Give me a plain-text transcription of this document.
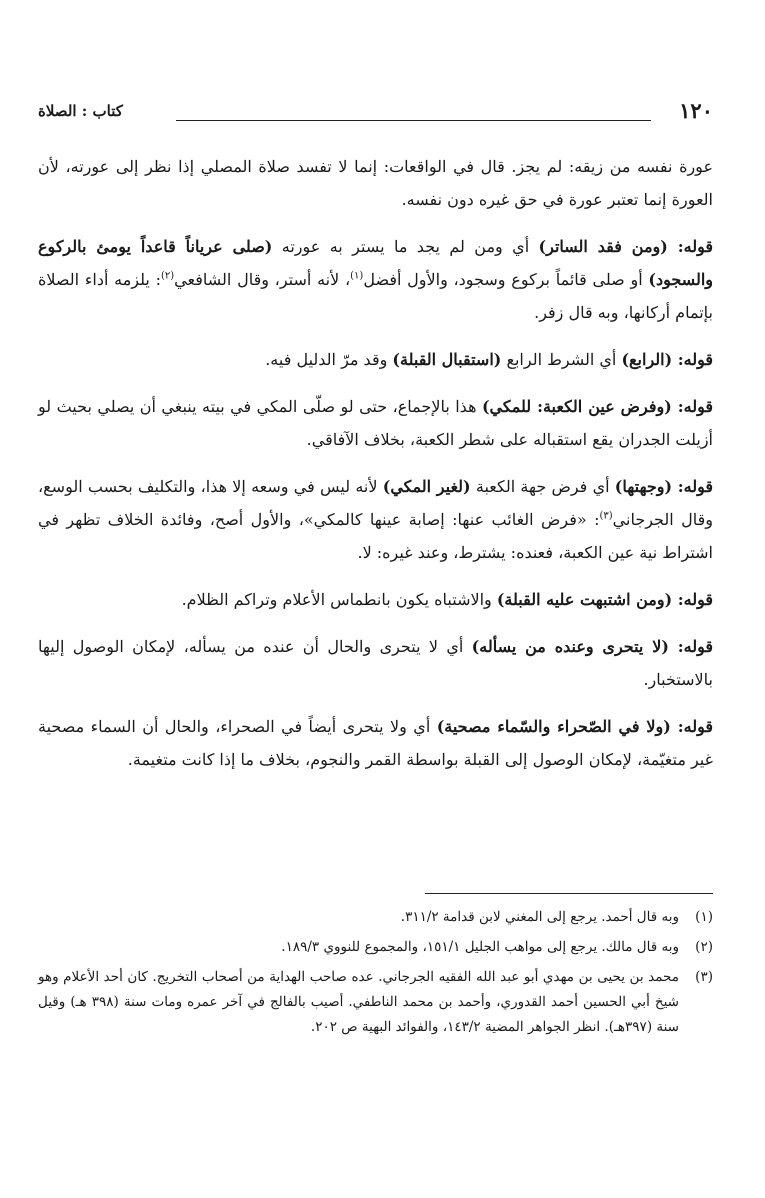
١٢٠
كتاب : الصلاة

عورة نفسه من زيقه: لم يجز. قال في الواقعات: إنما لا تفسد صلاة المصلي إذا نظر إلى عورته، لأن العورة إنما تعتبر عورة في حق غيره دون نفسه.

قوله: (ومن فقد الساتر) أي ومن لم يجد ما يستر به عورته (صلى عرياناً قاعداً يومئ بالركوع والسجود) أو صلى قائماً بركوع وسجود، والأول أفضل$^{(١)}$، لأنه أستر، وقال الشافعي$^{(٢)}$: يلزمه أداء الصلاة بإتمام أركانها، وبه قال زفر.

قوله: (الرابع) أي الشرط الرابع (استقبال القبلة) وقد مرّ الدليل فيه.

قوله: (وفرض عين الكعبة: للمكي) هذا بالإجماع، حتى لو صلّى المكي في بيته ينبغي أن يصلي بحيث لو أزيلت الجدران يقع استقباله على شطر الكعبة، بخلاف الآفاقي.

قوله: (وجهتها) أي فرض جهة الكعبة (لغير المكي) لأنه ليس في وسعه إلا هذا، والتكليف بحسب الوسع، وقال الجرجاني$^{(٣)}$: «فرض الغائب عنها: إصابة عينها كالمكي»، والأول أصح، وفائدة الخلاف تظهر في اشتراط نية عين الكعبة، فعنده: يشترط، وعند غيره: لا.

قوله: (ومن اشتبهت عليه القبلة) والاشتباه يكون بانطماس الأعلام وتراكم الظلام.

قوله: (لا يتحرى وعنده من يسأله) أي لا يتحرى والحال أن عنده من يسأله، لإمكان الوصول إليها بالاستخبار.

قوله: (ولا في الصّحراء والسّماء مصحية) أي ولا يتحرى أيضاً في الصحراء، والحال أن السماء مصحية غير متغيّمة، لإمكان الوصول إلى القبلة بواسطة القمر والنجوم، بخلاف ما إذا كانت متغيمة.

(١)
وبه قال أحمد. يرجع إلى المغني لابن قدامة ٣١١/٢.
(٢)
وبه قال مالك. يرجع إلى مواهب الجليل ١٥١/١، والمجموع للنووي ١٨٩/٣.
(٣)
محمد بن يحيى بن مهدي أبو عبد الله الفقيه الجرجاني. عده صاحب الهداية من أصحاب التخريج. كان أحد الأعلام وهو شيخ أبي الحسين أحمد القدوري، وأحمد بن محمد الناطفي. أصيب بالفالج في آخر عمره ومات سنة (٣٩٨ هـ) وقيل سنة (٣٩٧هـ). انظر الجواهر المضية ١٤٣/٢، والفوائد البهية ص ٢٠٢.
